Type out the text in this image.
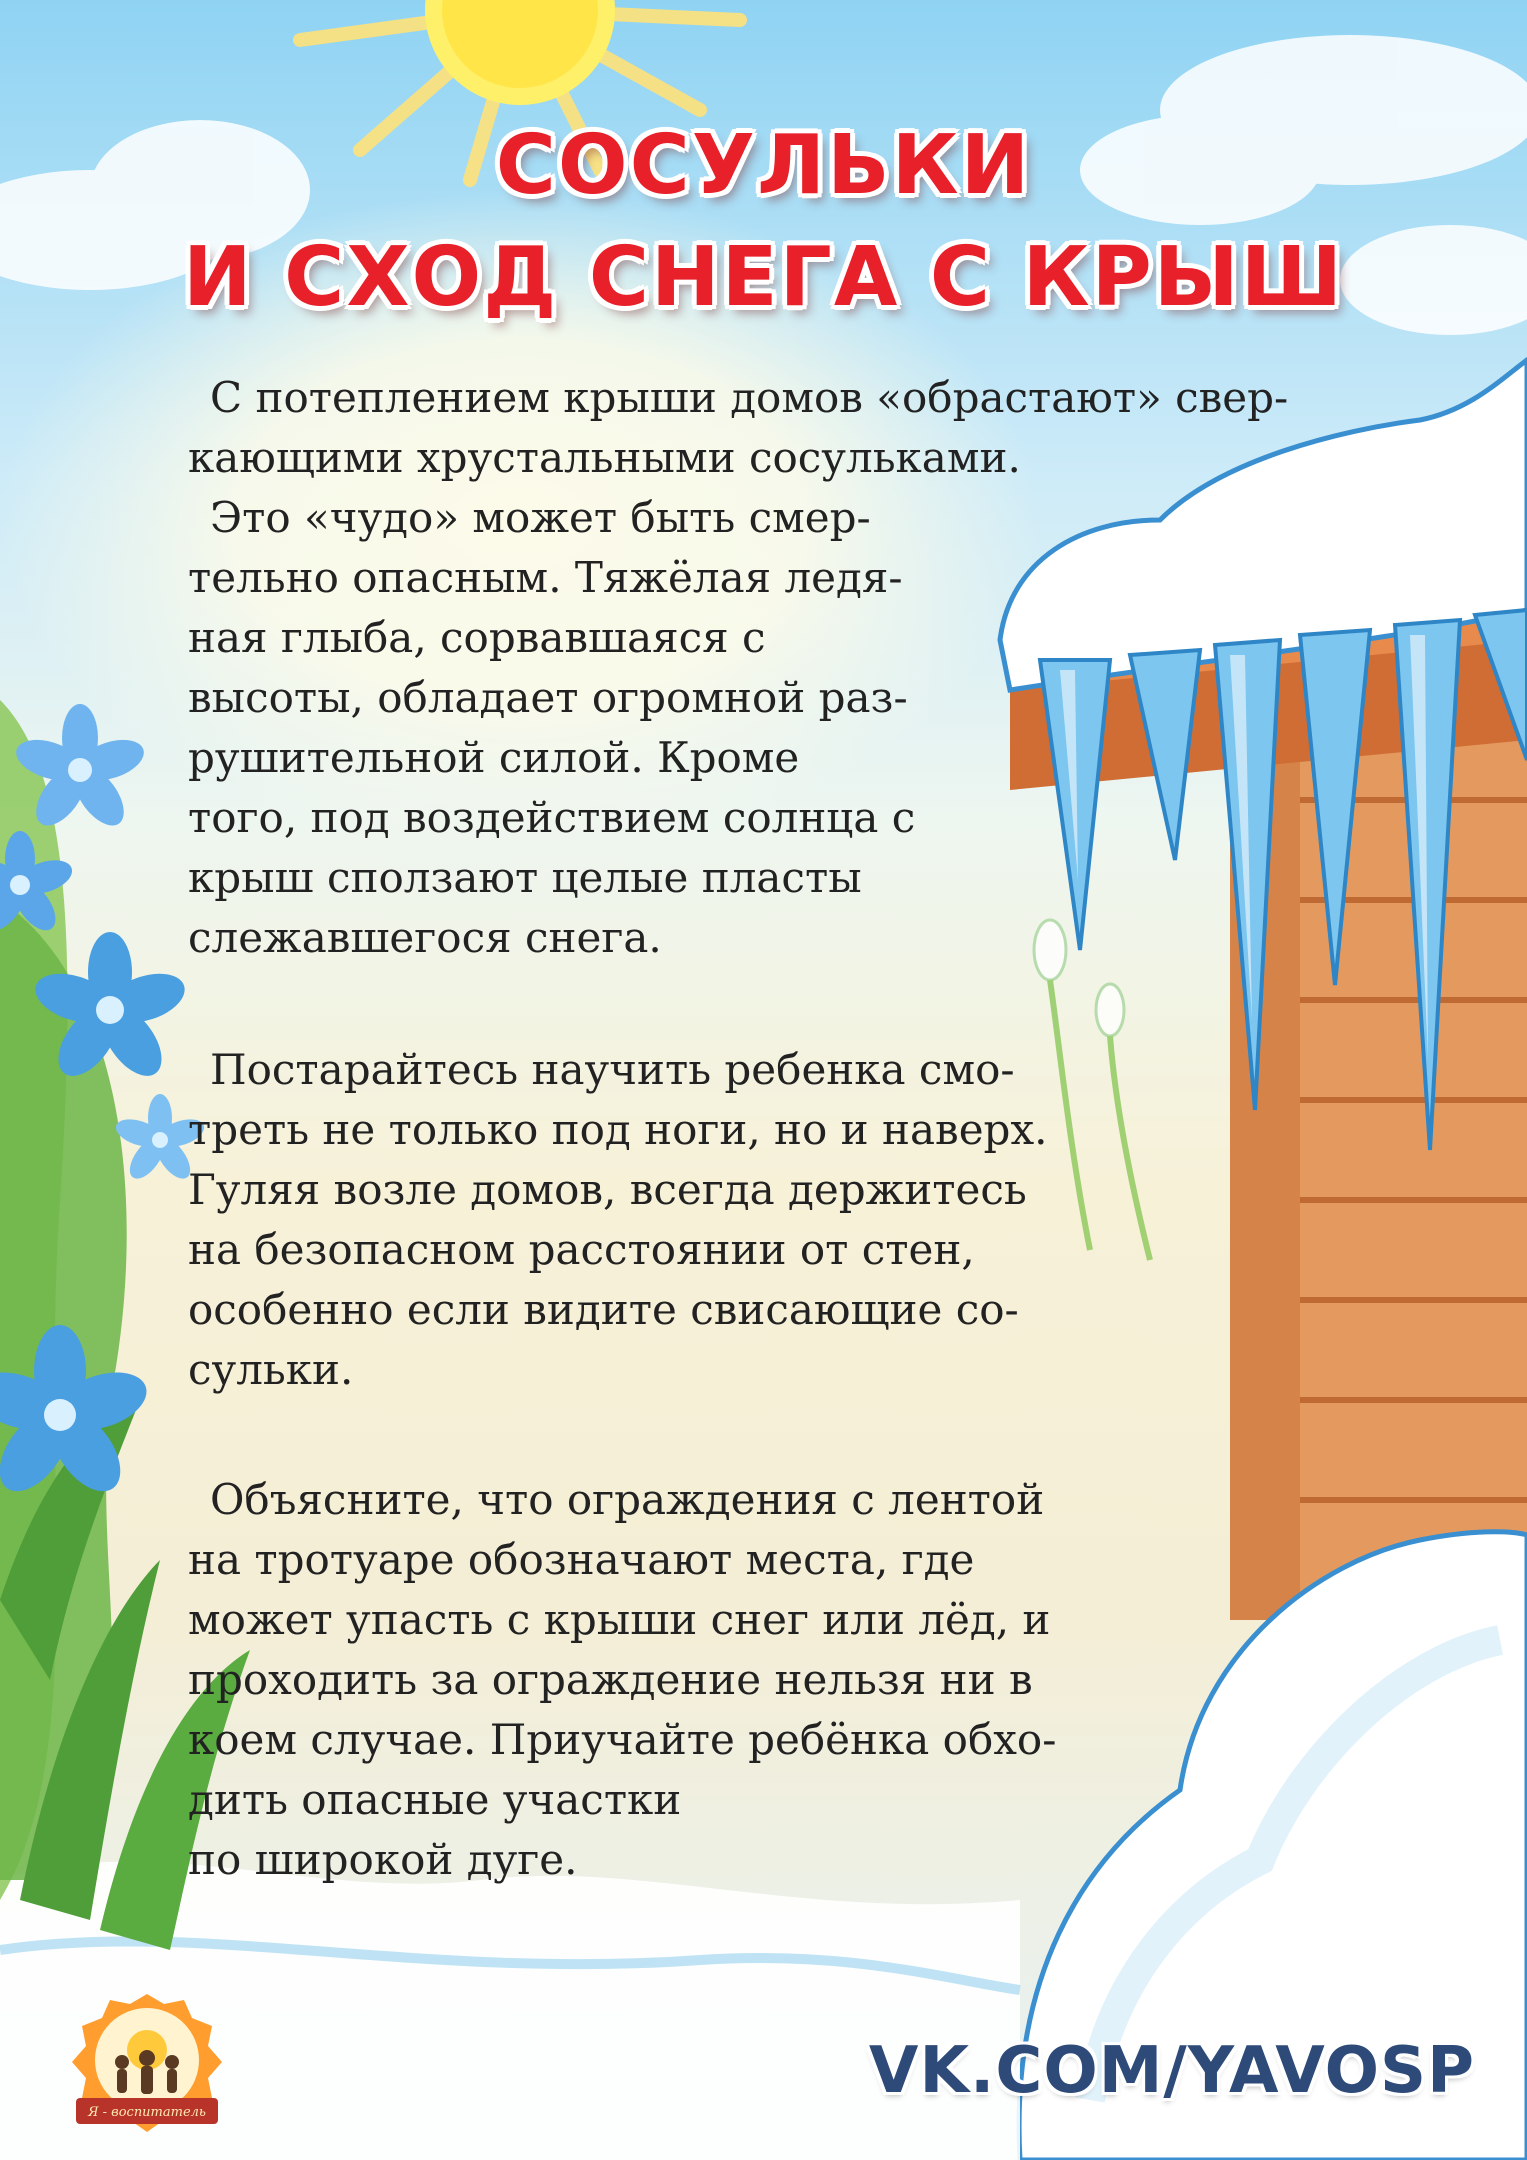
СОСУЛЬКИ
И СХОД СНЕГА С КРЫШ

С потеплением крыши домов «обрастают» свер-
кающими хрустальными сосульками.

Это «чудо» может быть смер-
тельно опасным. Тяжёлая ледя-
ная глыба, сорвавшаяся с
высоты, обладает огромной раз-
рушительной силой. Кроме
того, под воздействием солнца с
крыш сползают целые пласты
слежавшегося снега.

Постарайтесь научить ребенка смо-
треть не только под ноги, но и наверх.
Гуляя возле домов, всегда держитесь
на безопасном расстоянии от стен,
особенно если видите свисающие со-
сульки.

Объясните, что ограждения с лентой
на тротуаре обозначают места, где
может упасть с крыши снег или лёд, и
проходить за ограждение нельзя ни в
коем случае. Приучайте ребёнка обхо-
дить опасные участки
по широкой дуге.

Я - воспитатель
VK.COM/YAVOSP
